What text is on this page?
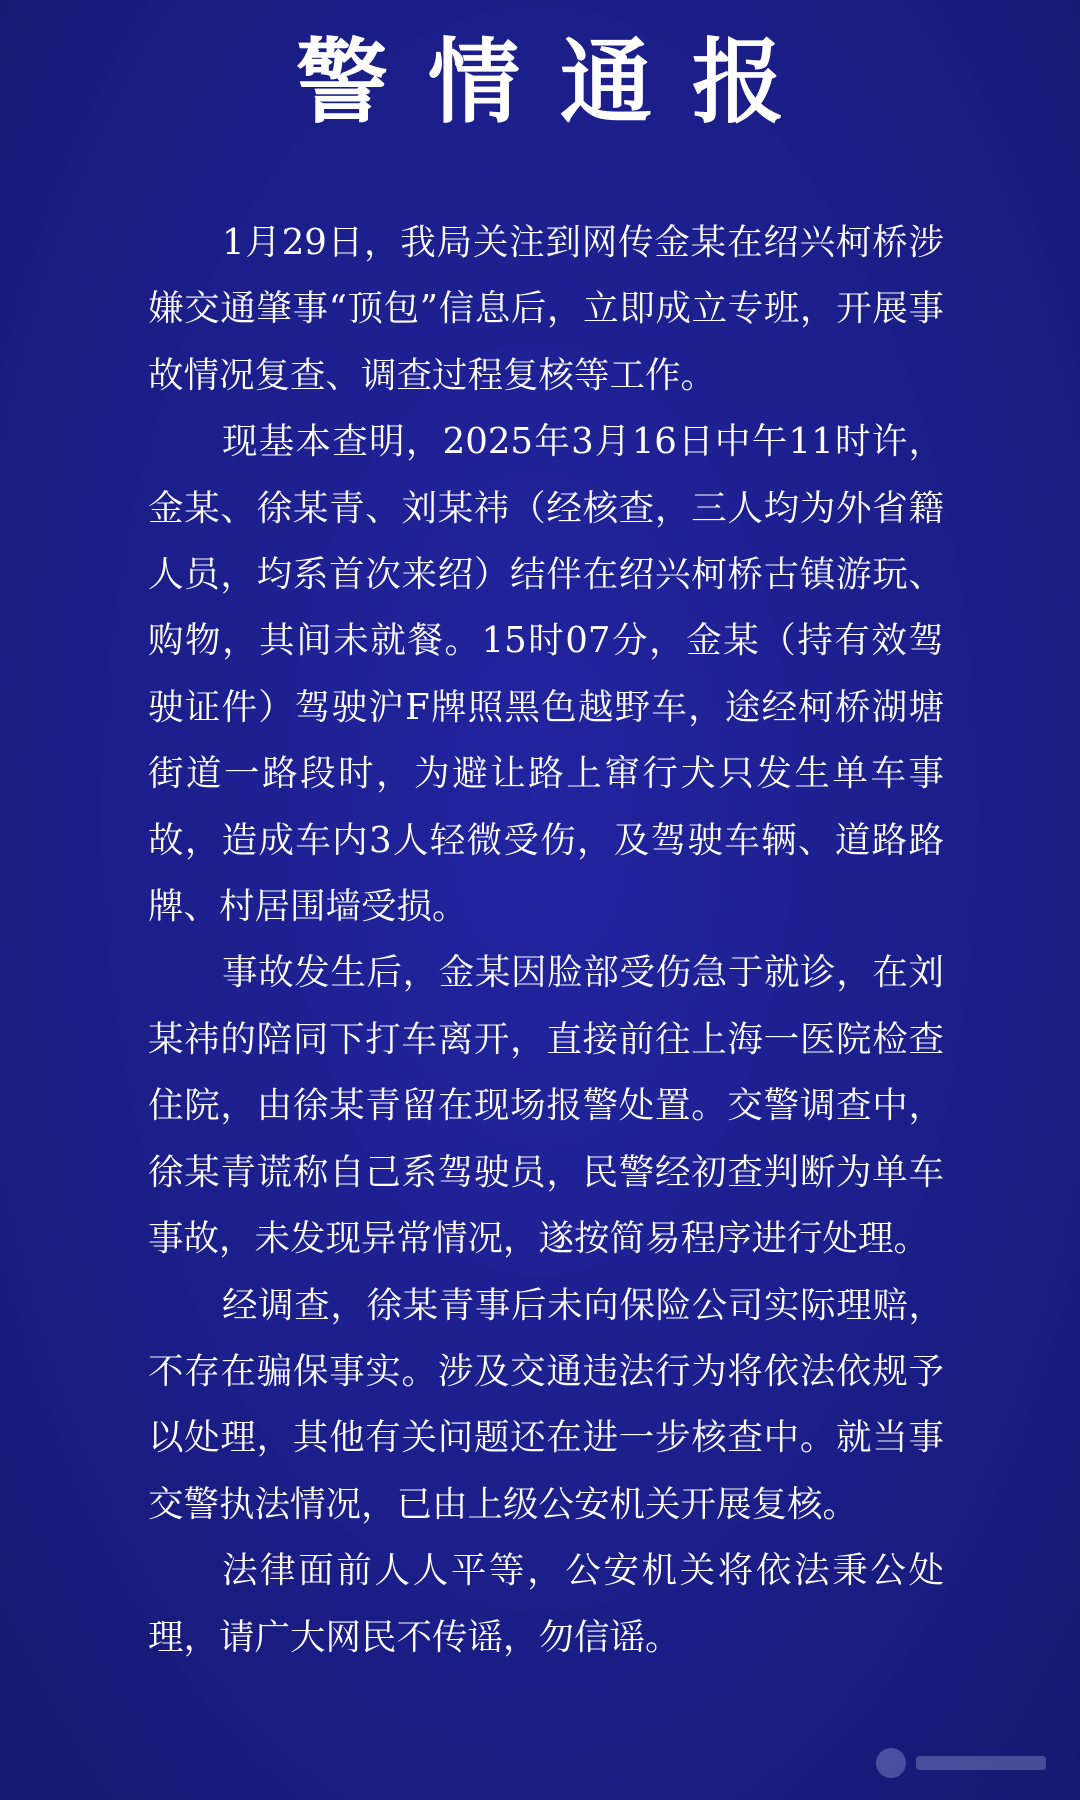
警情通报

1月29日，我局关注到网传金某在绍兴柯桥涉嫌交通肇事“顶包”信息后，立即成立专班，开展事故情况复查、调查过程复核等工作。

现基本查明，2025年3月16日中午11时许，金某、徐某青、刘某祎（经核查，三人均为外省籍人员，均系首次来绍）结伴在绍兴柯桥古镇游玩、购物，其间未就餐。15时07分，金某（持有效驾驶证件）驾驶沪F牌照黑色越野车，途经柯桥湖塘街道一路段时，为避让路上窜行犬只发生单车事故，造成车内3人轻微受伤，及驾驶车辆、道路路牌、村居围墙受损。

事故发生后，金某因脸部受伤急于就诊，在刘某祎的陪同下打车离开，直接前往上海一医院检查住院，由徐某青留在现场报警处置。交警调查中，徐某青谎称自己系驾驶员，民警经初查判断为单车事故，未发现异常情况，遂按简易程序进行处理。

经调查，徐某青事后未向保险公司实际理赔，不存在骗保事实。涉及交通违法行为将依法依规予以处理，其他有关问题还在进一步核查中。就当事交警执法情况，已由上级公安机关开展复核。

法律面前人人平等，公安机关将依法秉公处理，请广大网民不传谣，勿信谣。
